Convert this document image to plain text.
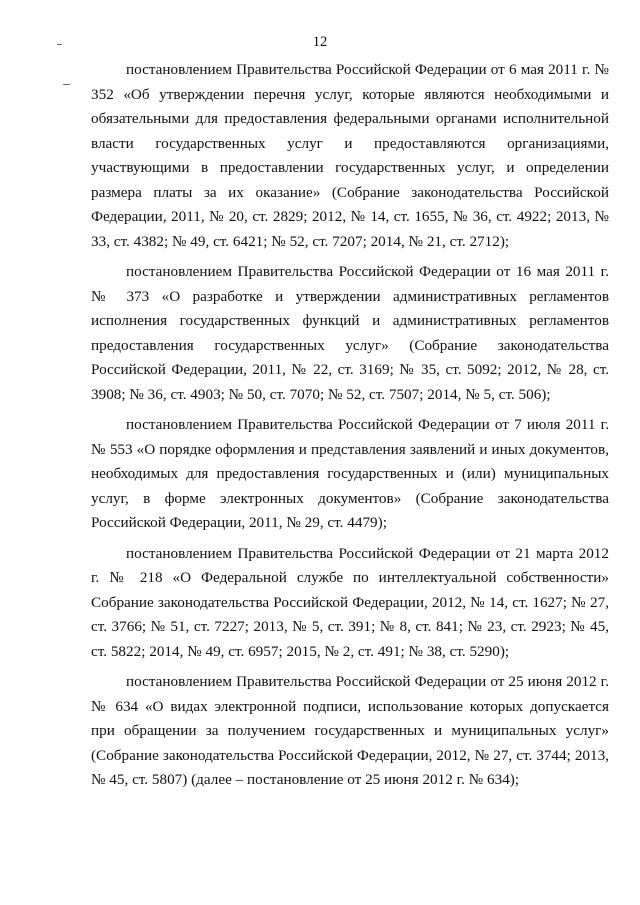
12

постановлением Правительства Российской Федерации от 6 мая 2011 г. № 352 «Об утверждении перечня услуг, которые являются необходимыми и обязательными для предоставления федеральными органами исполнительной власти государственных услуг и предоставляются организациями, участвующими в предоставлении государственных услуг, и определении размера платы за их оказание» (Собрание законодательства Российской Федерации, 2011, № 20, ст. 2829; 2012, № 14, ст. 1655, № 36, ст. 4922; 2013, № 33, ст. 4382; № 49, ст. 6421; № 52, ст. 7207; 2014, № 21, ст. 2712);

постановлением Правительства Российской Федерации от 16 мая 2011 г. № 373 «О разработке и утверждении административных регламентов исполнения государственных функций и административных регламентов предоставления государственных услуг» (Собрание законодательства Российской Федерации, 2011, № 22, ст. 3169; № 35, ст. 5092; 2012, № 28, ст. 3908; № 36, ст. 4903; № 50, ст. 7070; № 52, ст. 7507; 2014, № 5, ст. 506);

постановлением Правительства Российской Федерации от 7 июля 2011 г. № 553 «О порядке оформления и представления заявлений и иных документов, необходимых для предоставления государственных и (или) муниципальных услуг, в форме электронных документов» (Собрание законодательства Российской Федерации, 2011, № 29, ст. 4479);

постановлением Правительства Российской Федерации от 21 марта 2012 г. № 218 «О Федеральной службе по интеллектуальной собственности» Собрание законодательства Российской Федерации, 2012, № 14, ст. 1627; № 27, ст. 3766; № 51, ст. 7227; 2013, № 5, ст. 391; № 8, ст. 841; № 23, ст. 2923; № 45, ст. 5822; 2014, № 49, ст. 6957; 2015, № 2, ст. 491; № 38, ст. 5290);

постановлением Правительства Российской Федерации от 25 июня 2012 г. № 634 «О видах электронной подписи, использование которых допускается при обращении за получением государственных и муниципальных услуг» (Собрание законодательства Российской Федерации, 2012, № 27, ст. 3744; 2013, № 45, ст. 5807) (далее – постановление от 25 июня 2012 г. № 634);
